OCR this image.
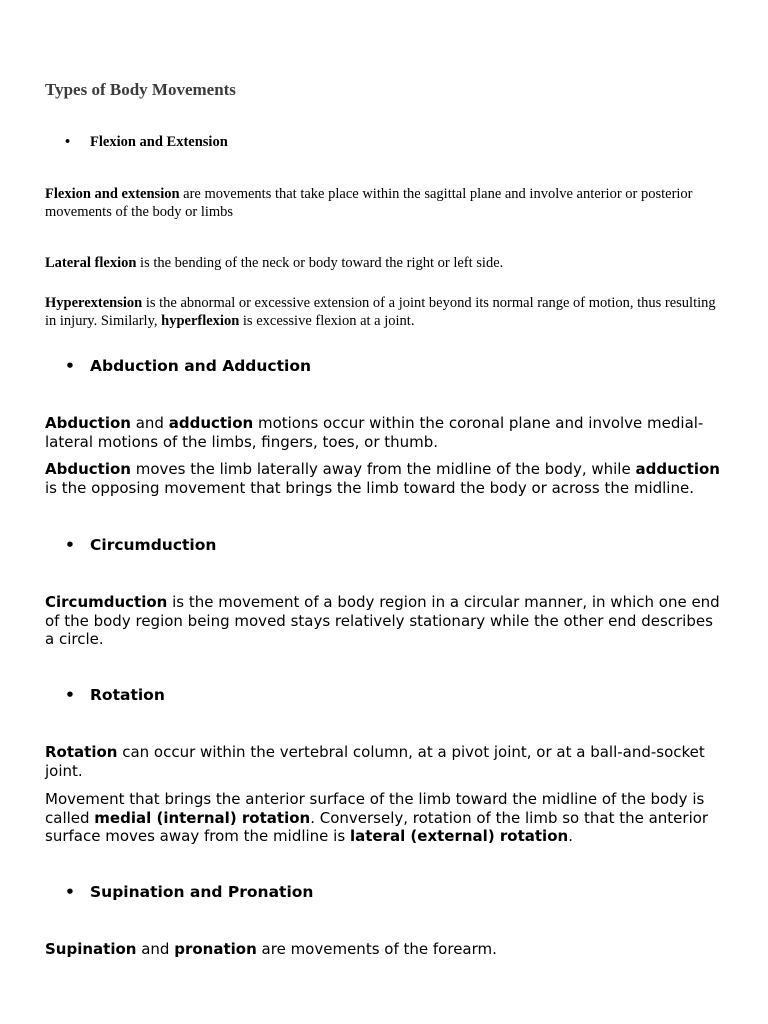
Types of Body Movements
• Flexion and Extension

Flexion and extension are movements that take place within the sagittal plane and involve anterior or posterior movements of the body or limbs

Lateral flexion is the bending of the neck or body toward the right or left side.

Hyperextension is the abnormal or excessive extension of a joint beyond its normal range of motion, thus resulting in injury. Similarly, hyperflexion is excessive flexion at a joint.

• Abduction and Adduction

Abduction and adduction motions occur within the coronal plane and involve medial-lateral motions of the limbs, fingers, toes, or thumb.

Abduction moves the limb laterally away from the midline of the body, while adduction is the opposing movement that brings the limb toward the body or across the midline.

• Circumduction

Circumduction is the movement of a body region in a circular manner, in which one end of the body region being moved stays relatively stationary while the other end describes a circle.

• Rotation

Rotation can occur within the vertebral column, at a pivot joint, or at a ball-and-socket joint.

Movement that brings the anterior surface of the limb toward the midline of the body is called medial (internal) rotation. Conversely, rotation of the limb so that the anterior surface moves away from the midline is lateral (external) rotation.

• Supination and Pronation

Supination and pronation are movements of the forearm.
